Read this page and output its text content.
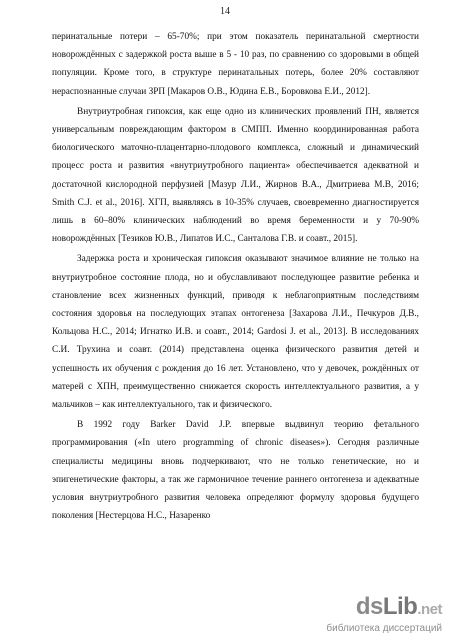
14

перинатальные потери – 65-70%; при этом показатель перинатальной смертности новорождённых с задержкой роста выше в 5 - 10 раз, по сравнению со здоровыми в общей популяции. Кроме того, в структуре перинатальных потерь, более 20% составляют нераспознанные случаи ЗРП [Макаров О.В., Юдина Е.В., Боровкова Е.И., 2012].

Внутриутробная гипоксия, как еще одно из клинических проявлений ПН, является универсальным повреждающим фактором в СМПП. Именно координированная работа биологического маточно-плацентарно-плодового комплекса, сложный и динамический процесс роста и развития «внутриутробного пациента» обеспечивается адекватной и достаточной кислородной перфузией [Мазур Л.И., Жирнов В.А., Дмитриева М.В, 2016; Smith C.J. et al., 2016]. ХГП, выявляясь в 10-35% случаев, своевременно диагностируется лишь в 60–80% клинических наблюдений во время беременности и у 70-90% новорождённых [Тезиков Ю.В., Липатов И.С., Санталова Г.В. и соавт., 2015].

Задержка роста и хроническая гипоксия оказывают значимое влияние не только на внутриутробное состояние плода, но и обуславливают последующее развитие ребенка и становление всех жизненных функций, приводя к неблагоприятным последствиям состояния здоровья на последующих этапах онтогенеза [Захарова Л.И., Печкуров Д.В., Кольцова Н.С., 2014; Игнатко И.В. и соавт., 2014; Gardosi J. et al., 2013]. В исследованиях С.И. Трухина и соавт. (2014) представлена оценка физического развития детей и успешность их обучения с рождения до 16 лет. Установлено, что у девочек, рождённых от матерей с ХПН, преимущественно снижается скорость интеллектуального развития, а у мальчиков – как интеллектуального, так и физического.

В 1992 году Barker David J.P. впервые выдвинул теорию фетального программирования («In utero programming of chronic diseases»). Сегодня различные специалисты медицины вновь подчеркивают, что не только генетические, но и эпигенетические факторы, а так же гармоничное течение раннего онтогенеза и адекватные условия внутриутробного развития человека определяют формулу здоровья будущего поколения [Нестерцова Н.С., Назаренко

dsLib.net
библиотека диссертаций
